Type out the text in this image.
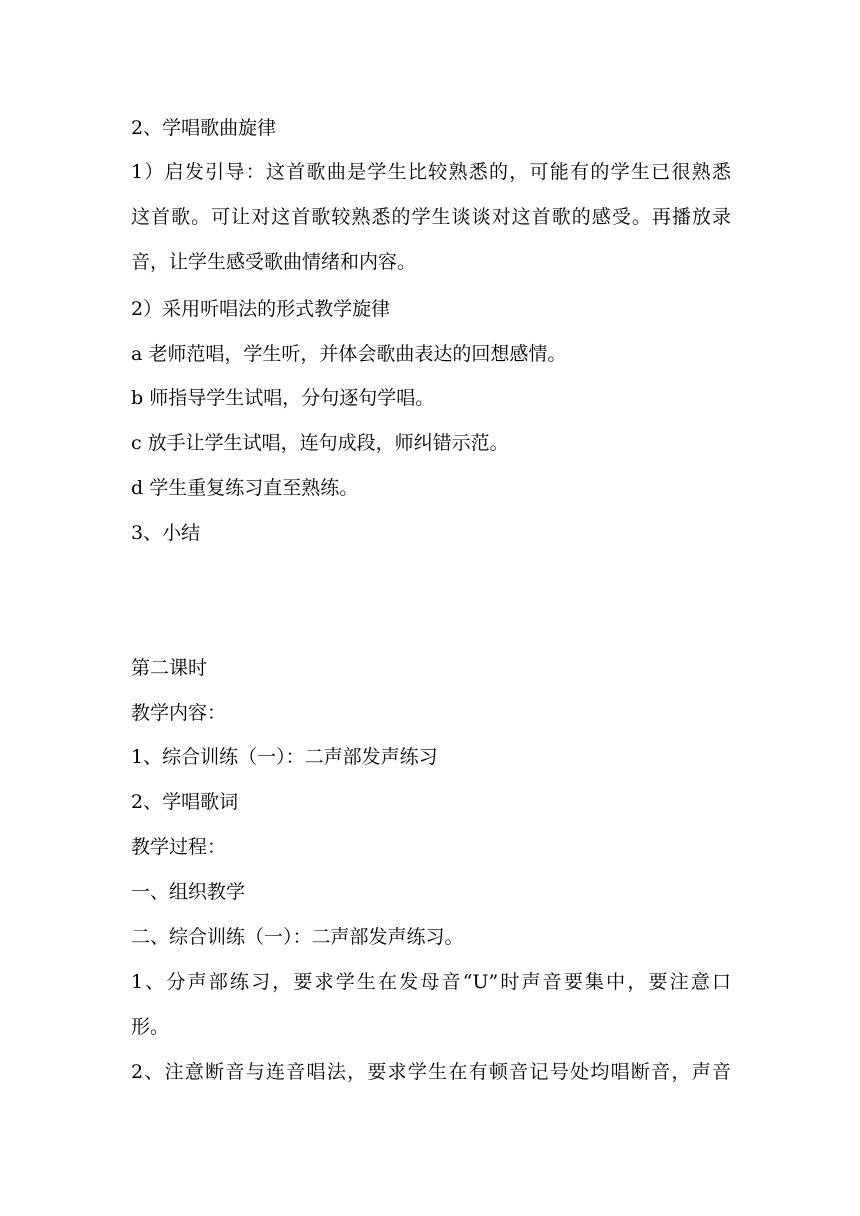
2、学唱歌曲旋律
1）启发引导：这首歌曲是学生比较熟悉的，可能有的学生已很熟悉
这首歌。可让对这首歌较熟悉的学生谈谈对这首歌的感受。再播放录
音，让学生感受歌曲情绪和内容。
2）采用听唱法的形式教学旋律
a 老师范唱，学生听，并体会歌曲表达的回想感情。
b 师指导学生试唱，分句逐句学唱。
c 放手让学生试唱，连句成段，师纠错示范。
d 学生重复练习直至熟练。
3、小结
第二课时
教学内容：
1、综合训练（一）：二声部发声练习
2、学唱歌词
教学过程：
一、组织教学
二、综合训练（一）：二声部发声练习。
1、分声部练习，要求学生在发母音“U”时声音要集中，要注意口
形。
2、注意断音与连音唱法，要求学生在有顿音记号处均唱断音，声音
